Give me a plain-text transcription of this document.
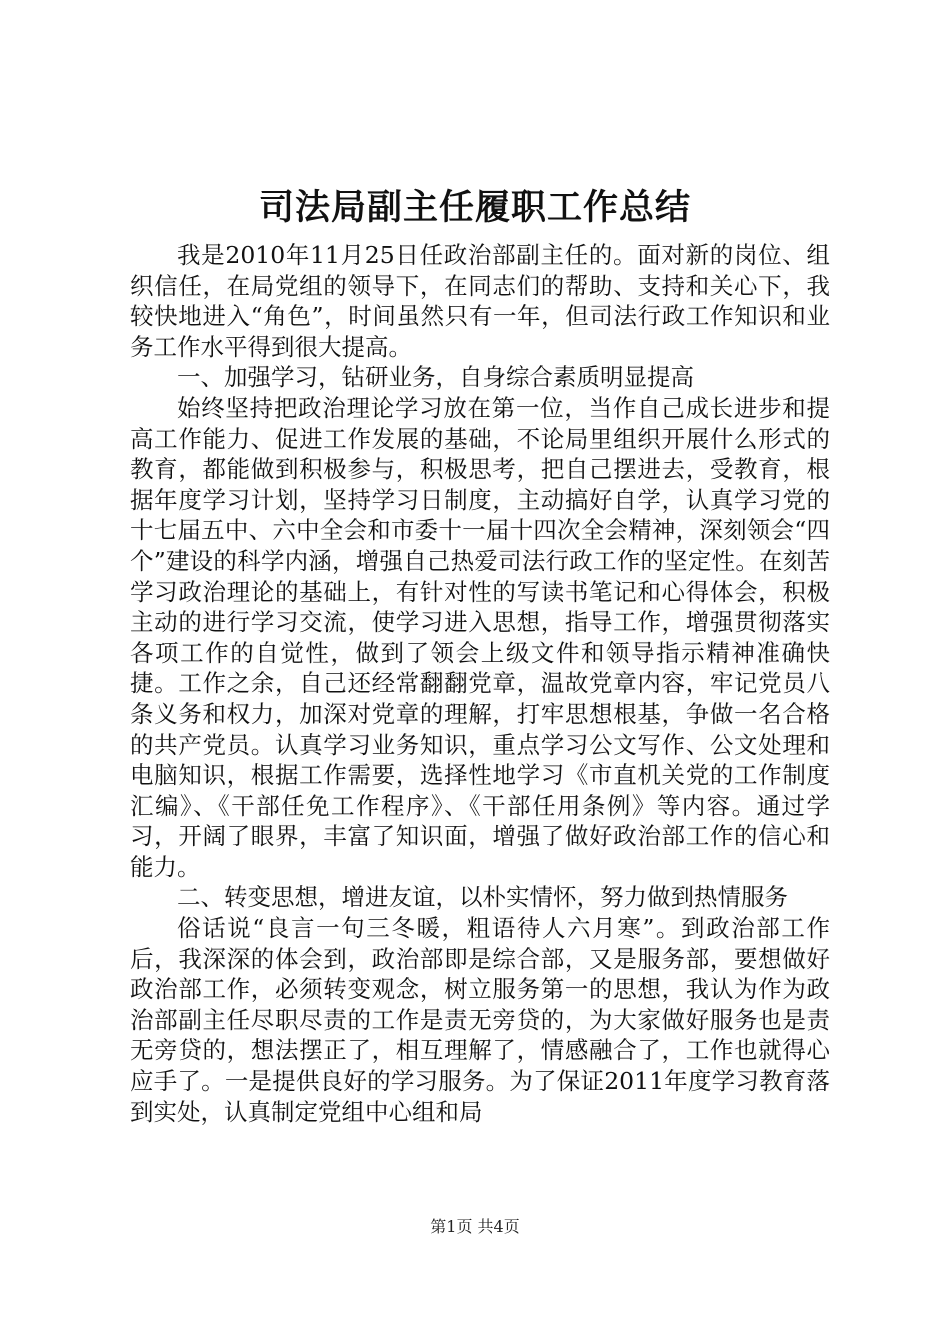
司法局副主任履职工作总结

我是2010年11月25日任政治部副主任的。面对新的岗位、组织信任，在局党组的领导下，在同志们的帮助、支持和关心下，我较快地进入“角色”，时间虽然只有一年，但司法行政工作知识和业务工作水平得到很大提高。

一、加强学习，钻研业务，自身综合素质明显提高

始终坚持把政治理论学习放在第一位，当作自己成长进步和提高工作能力、促进工作发展的基础，不论局里组织开展什么形式的教育，都能做到积极参与，积极思考，把自己摆进去，受教育，根据年度学习计划，坚持学习日制度，主动搞好自学，认真学习党的十七届五中、六中全会和市委十一届十四次全会精神，深刻领会“四个”建设的科学内涵，增强自己热爱司法行政工作的坚定性。在刻苦学习政治理论的基础上，有针对性的写读书笔记和心得体会，积极主动的进行学习交流，使学习进入思想，指导工作，增强贯彻落实各项工作的自觉性，做到了领会上级文件和领导指示精神准确快捷。工作之余，自己还经常翻翻党章，温故党章内容，牢记党员八条义务和权力，加深对党章的理解，打牢思想根基，争做一名合格的共产党员。认真学习业务知识，重点学习公文写作、公文处理和电脑知识，根据工作需要，选择性地学习《市直机关党的工作制度汇编》、《干部任免工作程序》、《干部任用条例》等内容。通过学习，开阔了眼界，丰富了知识面，增强了做好政治部工作的信心和能力。

二、转变思想，增进友谊，以朴实情怀，努力做到热情服务

俗话说“良言一句三冬暖，粗语待人六月寒”。到政治部工作后，我深深的体会到，政治部即是综合部，又是服务部，要想做好政治部工作，必须转变观念，树立服务第一的思想，我认为作为政治部副主任尽职尽责的工作是责无旁贷的，为大家做好服务也是责无旁贷的，想法摆正了，相互理解了，情感融合了，工作也就得心应手了。一是提供良好的学习服务。为了保证2011年度学习教育落到实处，认真制定党组中心组和局

第1页 共4页
